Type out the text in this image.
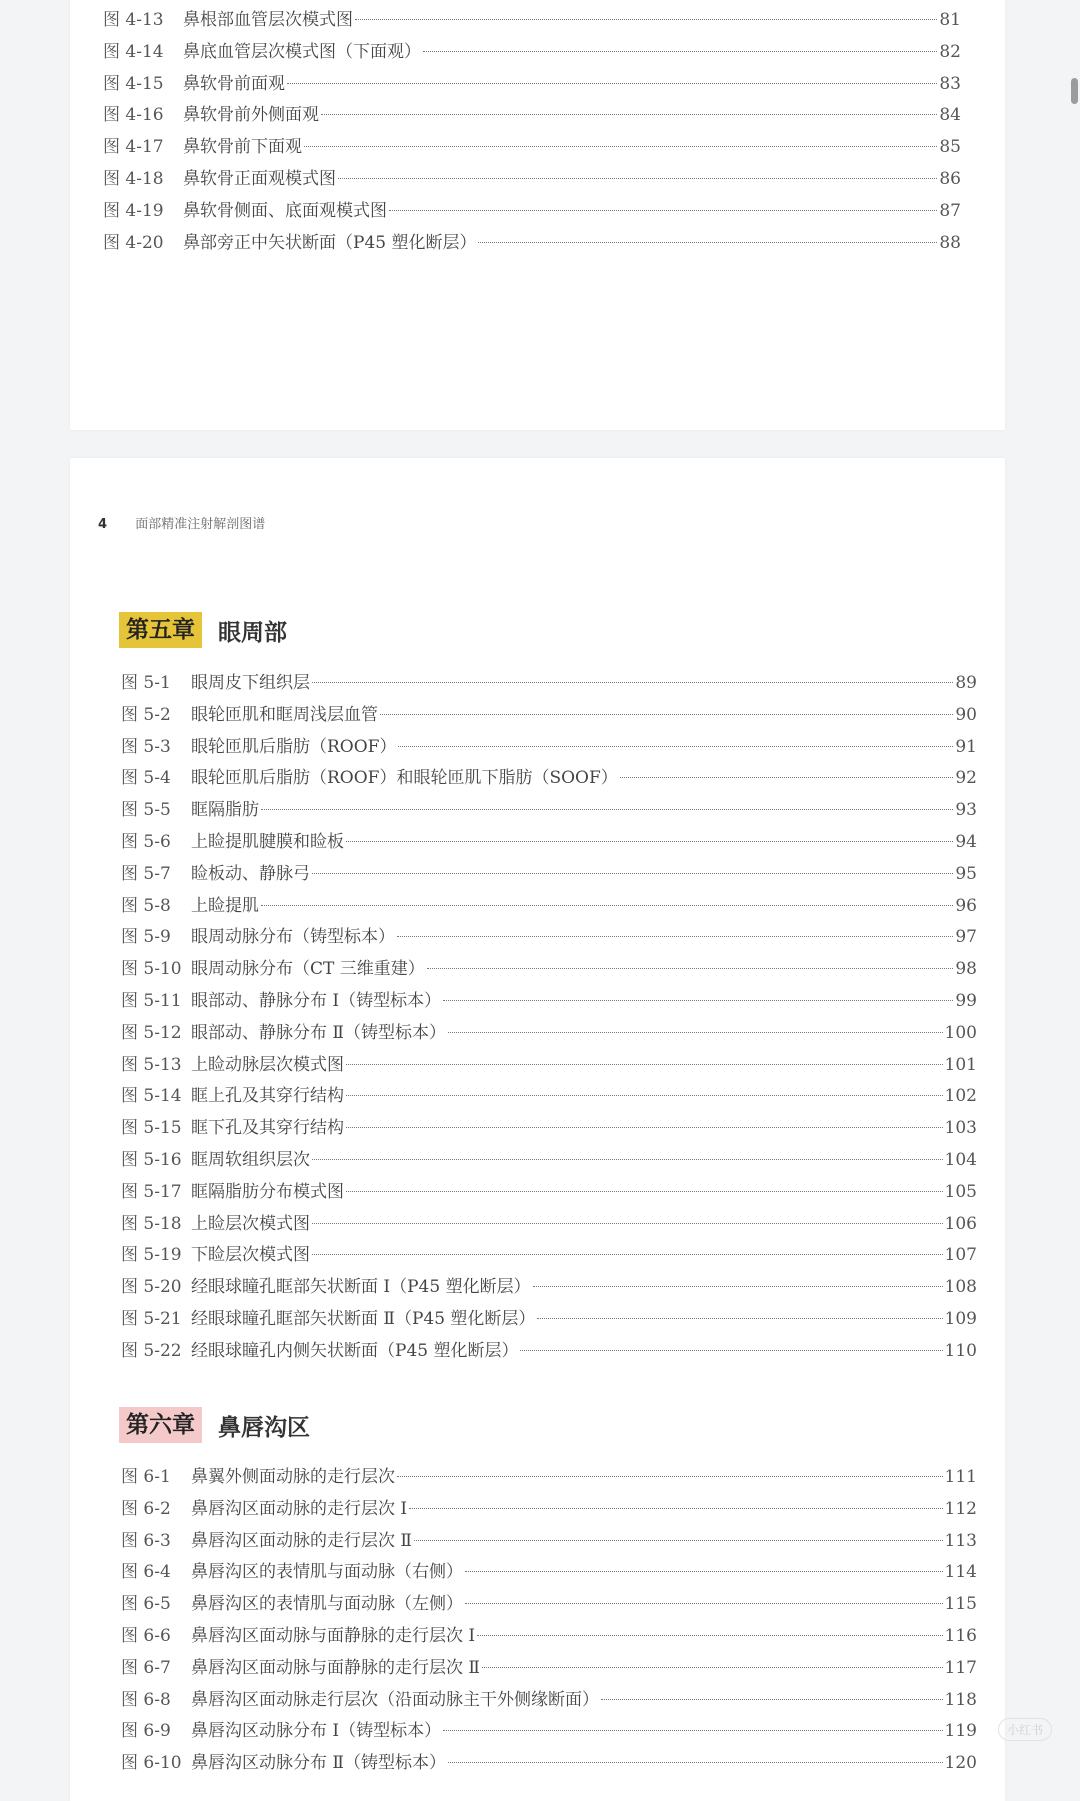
图 4-13	鼻根部血管层次模式图	81
图 4-14	鼻底血管层次模式图（下面观）	82
图 4-15	鼻软骨前面观	83
图 4-16	鼻软骨前外侧面观	84
图 4-17	鼻软骨前下面观	85
图 4-18	鼻软骨正面观模式图	86
图 4-19	鼻软骨侧面、底面观模式图	87
图 4-20	鼻部旁正中矢状断面（P45 塑化断层）	88
4 面部精准注射解剖图谱
第五章	眼周部
图 5-1	眼周皮下组织层	89
图 5-2	眼轮匝肌和眶周浅层血管	90
图 5-3	眼轮匝肌后脂肪（ROOF）	91
图 5-4	眼轮匝肌后脂肪（ROOF）和眼轮匝肌下脂肪（SOOF）	92
图 5-5	眶隔脂肪	93
图 5-6	上睑提肌腱膜和睑板	94
图 5-7	睑板动、静脉弓	95
图 5-8	上睑提肌	96
图 5-9	眼周动脉分布（铸型标本）	97
图 5-10 眼周动脉分布（CT 三维重建）	98
图 5-11 眼部动、静脉分布 Ⅰ（铸型标本）	99
图 5-12 眼部动、静脉分布 Ⅱ（铸型标本）	100
图 5-13 上睑动脉层次模式图	101
图 5-14 眶上孔及其穿行结构	102
图 5-15 眶下孔及其穿行结构	103
图 5-16 眶周软组织层次	104
图 5-17 眶隔脂肪分布模式图	105
图 5-18 上睑层次模式图	106
图 5-19 下睑层次模式图	107
图 5-20 经眼球瞳孔眶部矢状断面 Ⅰ（P45 塑化断层）	108
图 5-21 经眼球瞳孔眶部矢状断面 Ⅱ（P45 塑化断层）	109
图 5-22 经眼球瞳孔内侧矢状断面（P45 塑化断层）	110
第六章	鼻唇沟区
图 6-1	鼻翼外侧面动脉的走行层次	111
图 6-2	鼻唇沟区面动脉的走行层次 Ⅰ	112
图 6-3	鼻唇沟区面动脉的走行层次 Ⅱ	113
图 6-4	鼻唇沟区的表情肌与面动脉（右侧）	114
图 6-5	鼻唇沟区的表情肌与面动脉（左侧）	115
图 6-6	鼻唇沟区面动脉与面静脉的走行层次 Ⅰ	116
图 6-7	鼻唇沟区面动脉与面静脉的走行层次 Ⅱ	117
图 6-8	鼻唇沟区面动脉走行层次（沿面动脉主干外侧缘断面）	118
图 6-9	鼻唇沟区动脉分布 Ⅰ（铸型标本）	119
图 6-10 鼻唇沟区动脉分布 Ⅱ（铸型标本）	120
小红书
